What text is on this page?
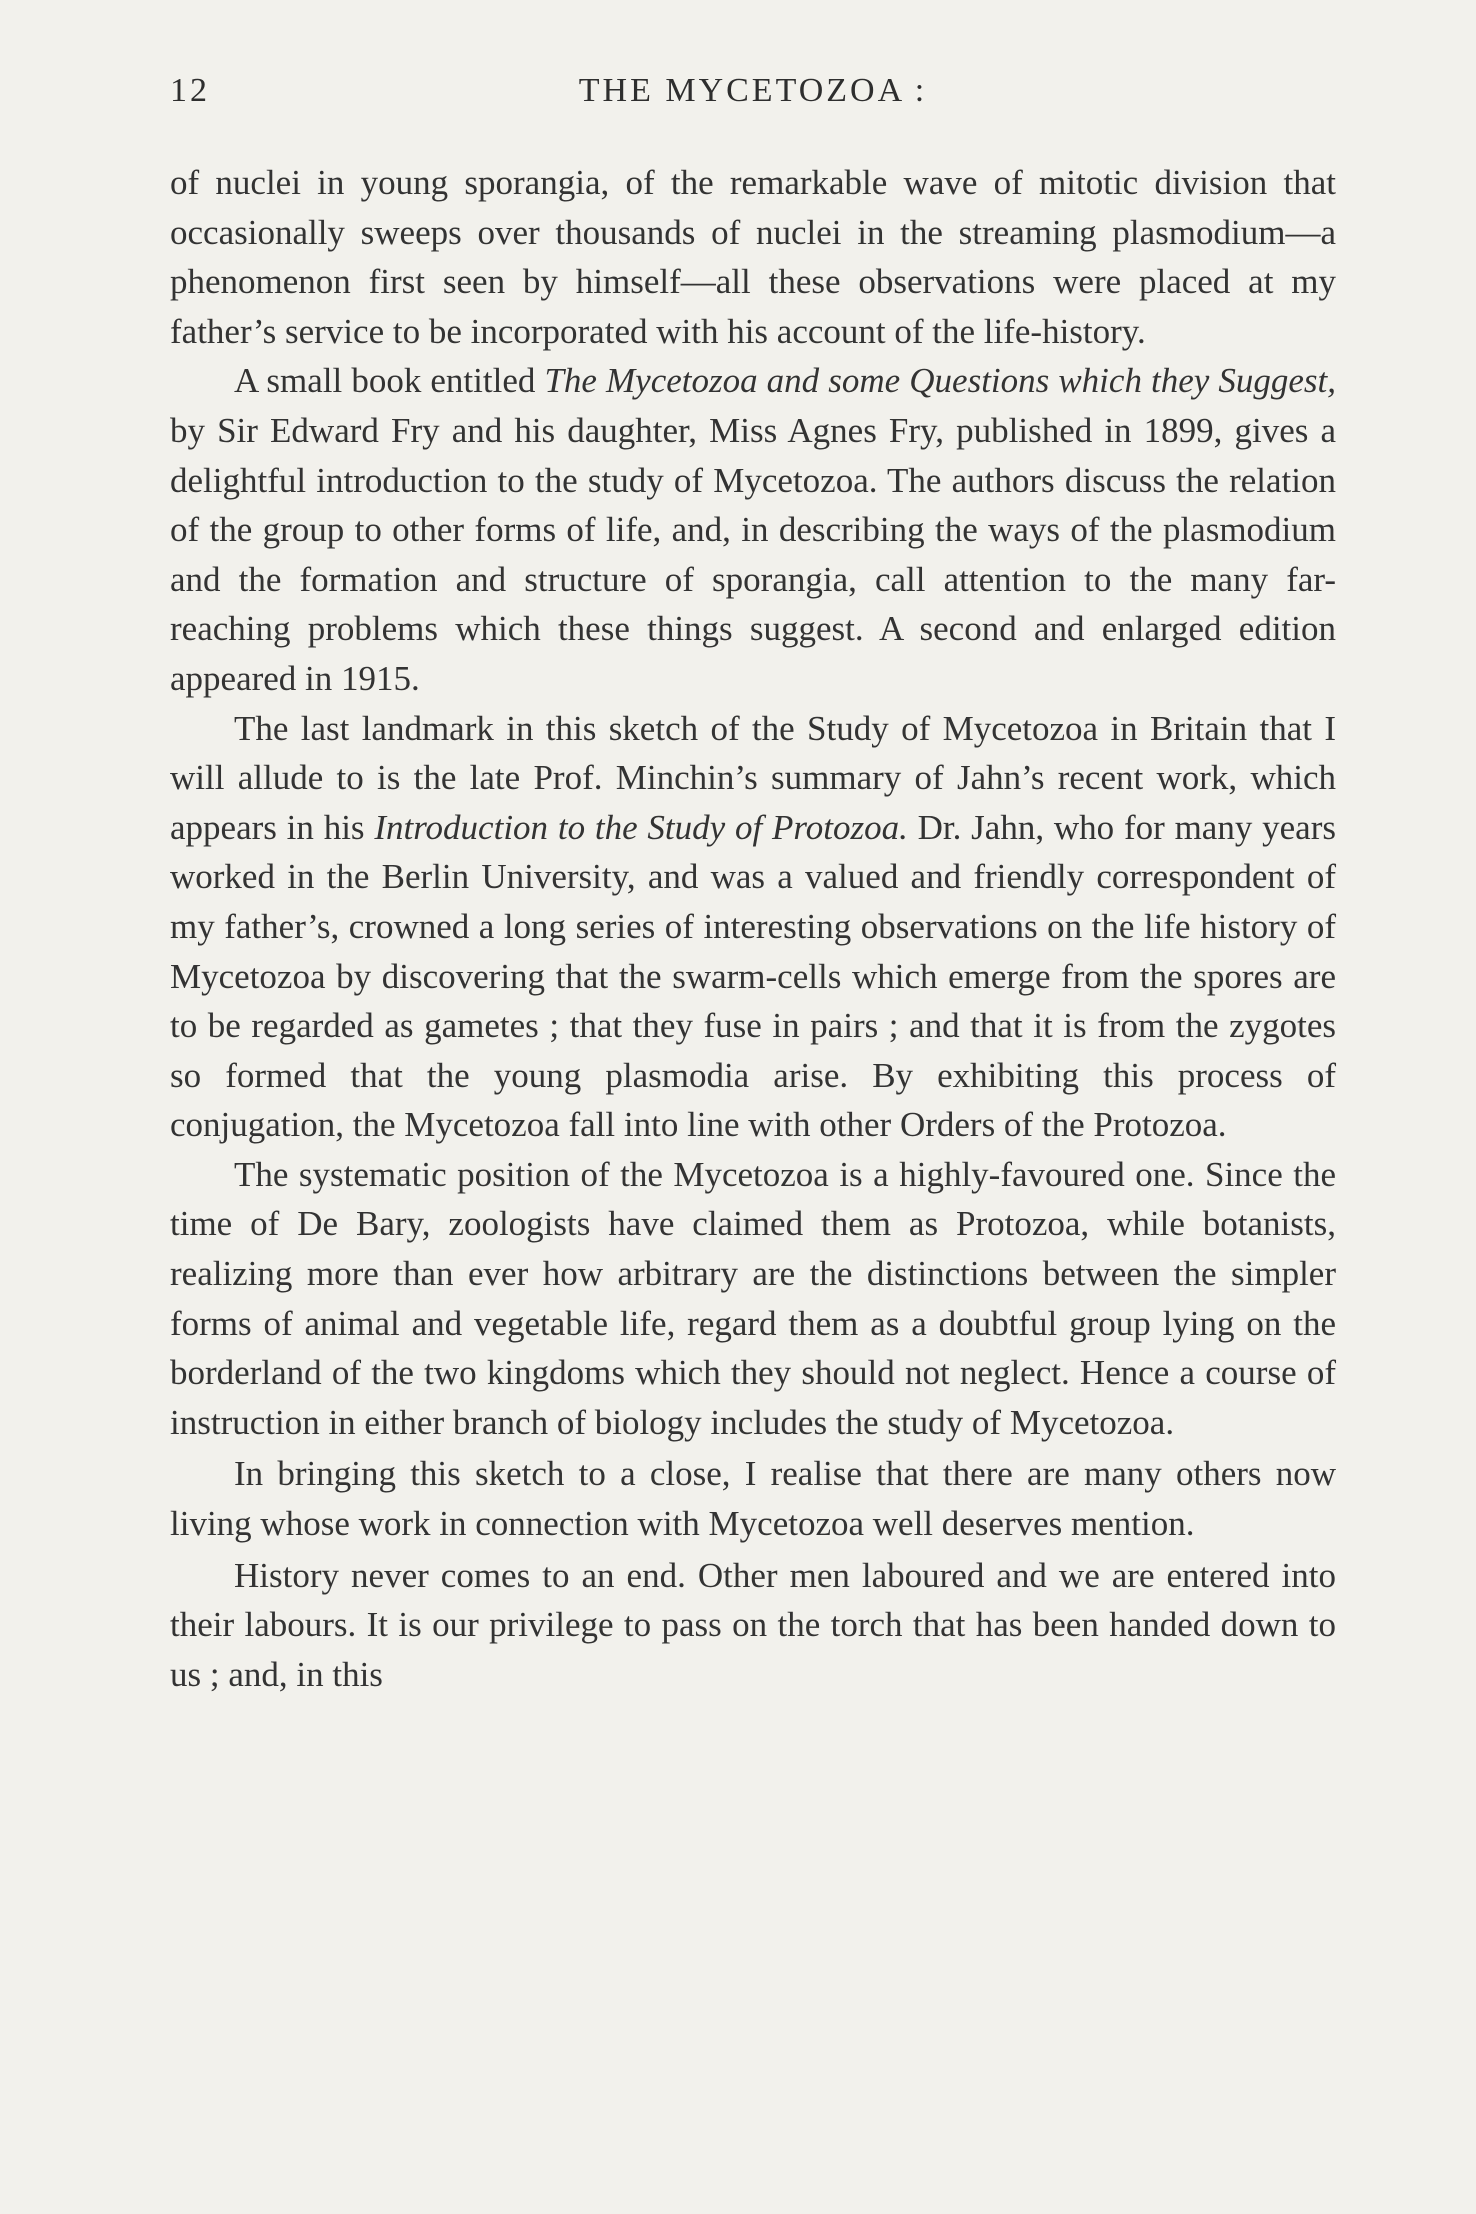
12	THE MYCETOZOA :

of nuclei in young sporangia, of the remarkable wave of mitotic division that occasionally sweeps over thousands of nuclei in the streaming plasmodium—a phenomenon first seen by himself—all these observations were placed at my father’s service to be incorporated with his account of the life-history.

A small book entitled The Mycetozoa and some Questions which they Suggest, by Sir Edward Fry and his daughter, Miss Agnes Fry, published in 1899, gives a delightful introduction to the study of Mycetozoa. The authors discuss the relation of the group to other forms of life, and, in describing the ways of the plasmodium and the formation and structure of sporangia, call attention to the many far-reaching problems which these things suggest. A second and enlarged edition appeared in 1915.

The last landmark in this sketch of the Study of Mycetozoa in Britain that I will allude to is the late Prof. Minchin’s summary of Jahn’s recent work, which appears in his Introduction to the Study of Protozoa. Dr. Jahn, who for many years worked in the Berlin University, and was a valued and friendly correspondent of my father’s, crowned a long series of interesting observations on the life history of Mycetozoa by discovering that the swarm-cells which emerge from the spores are to be regarded as gametes ; that they fuse in pairs ; and that it is from the zygotes so formed that the young plasmodia arise. By exhibiting this process of conjugation, the Mycetozoa fall into line with other Orders of the Protozoa.

The systematic position of the Mycetozoa is a highly-favoured one. Since the time of De Bary, zoologists have claimed them as Protozoa, while botanists, realizing more than ever how arbitrary are the distinctions between the simpler forms of animal and vegetable life, regard them as a doubtful group lying on the borderland of the two kingdoms which they should not neglect. Hence a course of instruction in either branch of biology includes the study of Mycetozoa.

In bringing this sketch to a close, I realise that there are many others now living whose work in connection with Mycetozoa well deserves mention.

History never comes to an end. Other men laboured and we are entered into their labours. It is our privilege to pass on the torch that has been handed down to us ; and, in this
